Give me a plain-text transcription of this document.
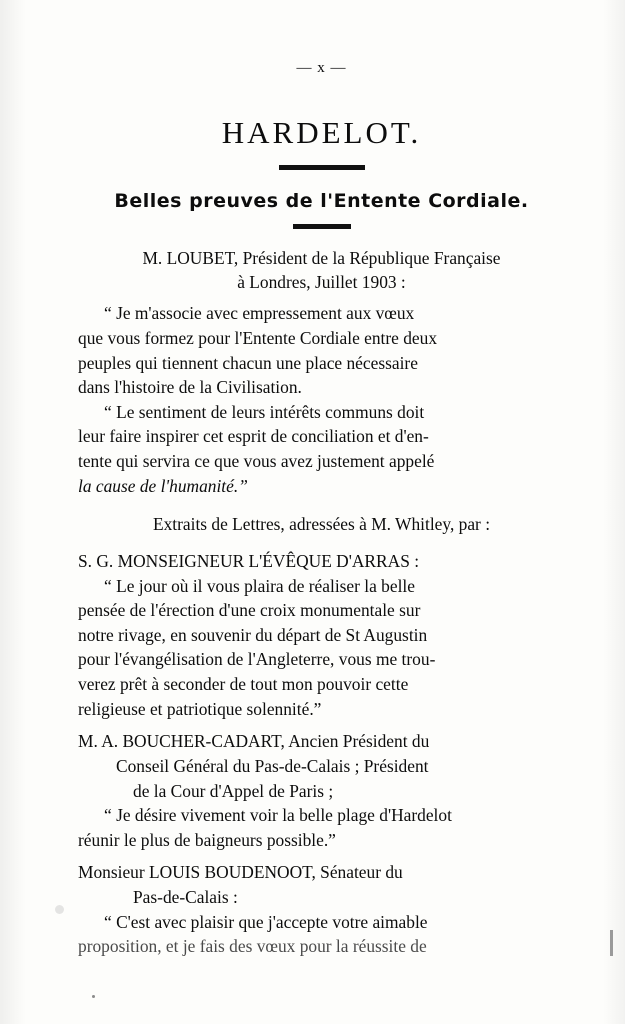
— x —
HARDELOT.
Belles preuves de l'Entente Cordiale.
M. LOUBET, Président de la République Française
à Londres, Juillet 1903 :
“ Je m'associe avec empressement aux vœux
que vous formez pour l'Entente Cordiale entre deux
peuples qui tiennent chacun une place nécessaire
dans l'histoire de la Civilisation.
“ Le sentiment de leurs intérêts communs doit
leur faire inspirer cet esprit de conciliation et d'en-
tente qui servira ce que vous avez justement appelé
la cause de l'humanité.”
Extraits de Lettres, adressées à M. Whitley, par :
S. G. MONSEIGNEUR L'ÉVÊQUE D'ARRAS :
“ Le jour où il vous plaira de réaliser la belle
pensée de l'érection d'une croix monumentale sur
notre rivage, en souvenir du départ de St Augustin
pour l'évangélisation de l'Angleterre, vous me trou-
verez prêt à seconder de tout mon pouvoir cette
religieuse et patriotique solennité.”
M. A. BOUCHER-CADART, Ancien Président du
Conseil Général du Pas-de-Calais ; Président
de la Cour d'Appel de Paris ;
“ Je désire vivement voir la belle plage d'Hardelot
réunir le plus de baigneurs possible.”
Monsieur LOUIS BOUDENOOT, Sénateur du
Pas-de-Calais :
“ C'est avec plaisir que j'accepte votre aimable
proposition, et je fais des vœux pour la réussite de
